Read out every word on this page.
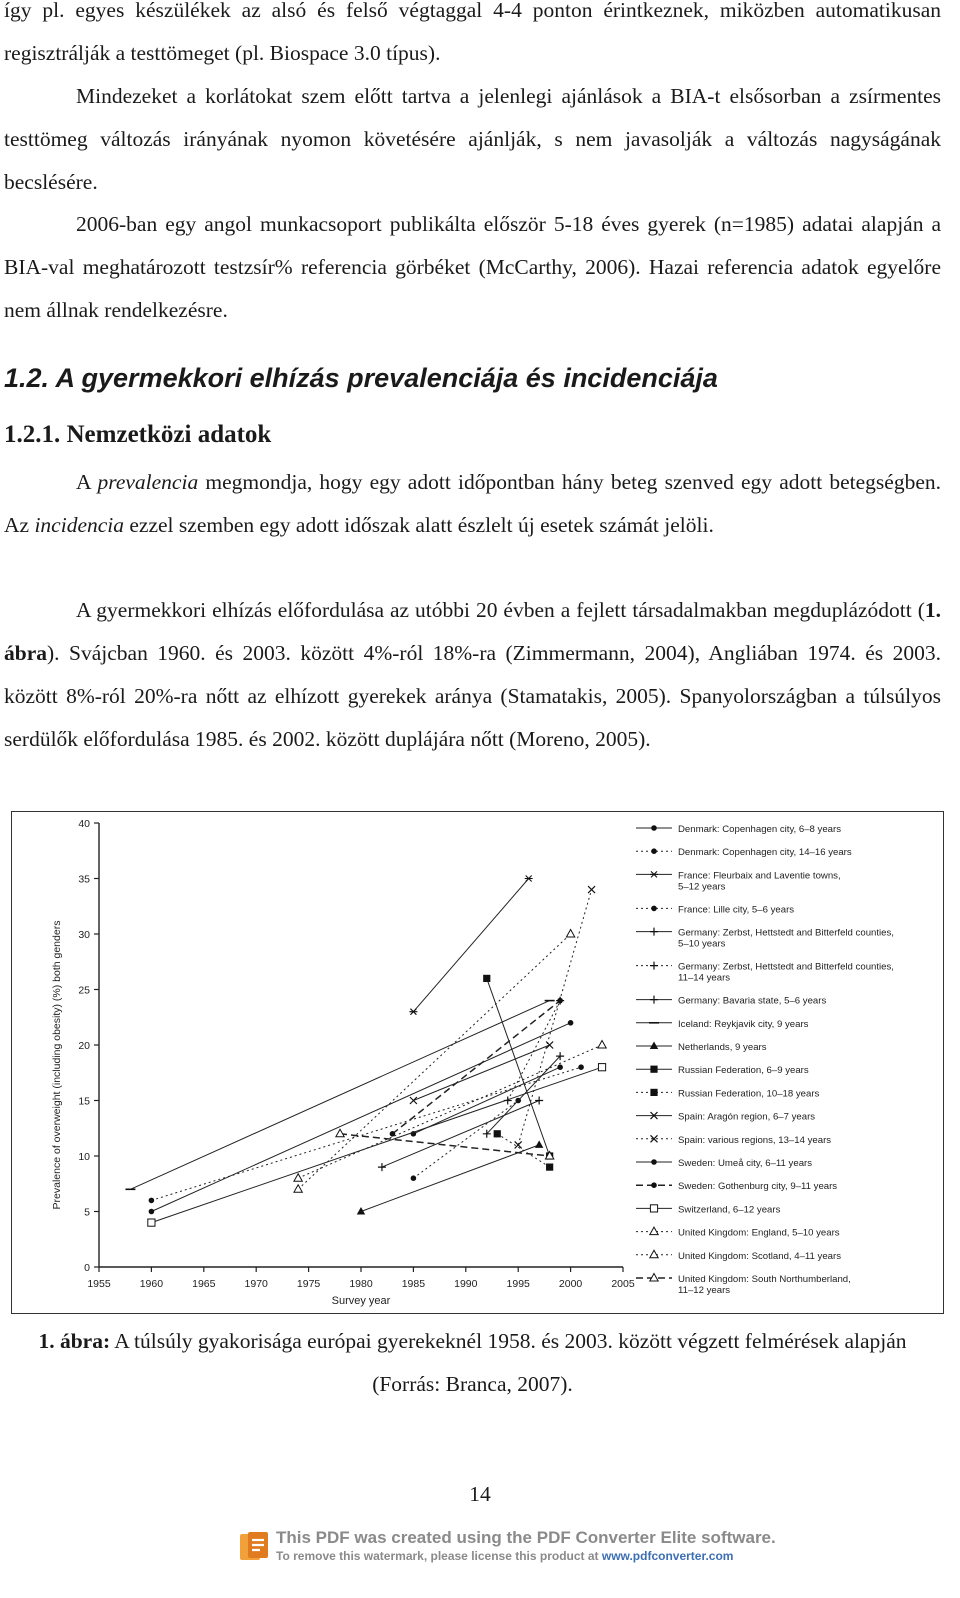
így pl. egyes készülékek az alsó és felső végtaggal 4-4 ponton érintkeznek, miközben automatikusan regisztrálják a testtömeget (pl. Biospace 3.0 típus).

Mindezeket a korlátokat szem előtt tartva a jelenlegi ajánlások a BIA-t elsősorban a zsírmentes testtömeg változás irányának nyomon követésére ajánlják, s nem javasolják a változás nagyságának becslésére.

2006-ban egy angol munkacsoport publikálta először 5-18 éves gyerek (n=1985) adatai alapján a BIA-val meghatározott testzsír% referencia görbéket (McCarthy, 2006). Hazai referencia adatok egyelőre nem állnak rendelkezésre.

1.2. A gyermekkori elhízás prevalenciája és incidenciája
1.2.1. Nemzetközi adatok

A prevalencia megmondja, hogy egy adott időpontban hány beteg szenved egy adott betegségben. Az incidencia ezzel szemben egy adott időszak alatt észlelt új esetek számát jelöli.

A gyermekkori elhízás előfordulása az utóbbi 20 évben a fejlett társadalmakban megduplázódott (1. ábra). Svájcban 1960. és 2003. között 4%-ról 18%-ra (Zimmermann, 2004), Angliában 1974. és 2003. között 8%-ról 20%-ra nőtt az elhízott gyerekek aránya (Stamatakis, 2005). Spanyolországban a túlsúlyos serdülők előfordulása 1985. és 2002. között duplájára nőtt (Moreno, 2005).

0
5
10
15
20
25
30
35
40
1955	1960	1965	1970	1975	1980	1985	1990	1995	2000	2005
Survey year
Prevalence of overweight (including obesity) (%) both genders
Denmark: Copenhagen city, 6–8 years
Denmark: Copenhagen city, 14–16 years
France: Fleurbaix and Laventie towns,
5–12 years
France: Lille city, 5–6 years
Germany: Zerbst, Hettstedt and Bitterfeld counties,
5–10 years
Germany: Zerbst, Hettstedt and Bitterfeld counties,
11–14 years
Germany: Bavaria state, 5–6 years
Iceland: Reykjavik city, 9 years
Netherlands, 9 years
Russian Federation, 6–9 years
Russian Federation, 10–18 years
Spain: Aragón region, 6–7 years
Spain: various regions, 13–14 years
Sweden: Umeå city, 6–11 years
Sweden: Gothenburg city, 9–11 years
Switzerland, 6–12 years
United Kingdom: England, 5–10 years
United Kingdom: Scotland, 4–11 years
United Kingdom: South Northumberland,
11–12 years

1. ábra: A túlsúly gyakorisága európai gyerekeknél 1958. és 2003. között végzett felmérések alapján (Forrás: Branca, 2007).

14
This PDF was created using the PDF Converter Elite software.
To remove this watermark, please license this product at www.pdfconverter.com
